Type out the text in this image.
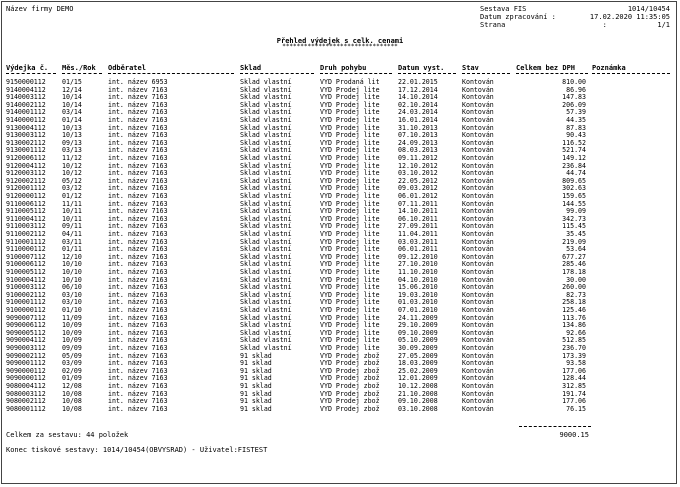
Název firmy DEMO	Sestava FIS	1014/10454
Datum zpracování :	17.02.2020 11:35:05
Strana	:            1/1
Přehled výdejek s celk. cenami
********************************
Výdejka č. Měs./Rok Odběratel	Sklad	Druh pohybu	Datum vyst.	Stav	Celkem bez DPH Poznámka
9150000112 01/15	int. název 6953	Sklad vlastní	VYD Prodaná lit	22.01.2015	Kontován	810.00
9140004112 12/14	int. název 7163	Sklad vlastní	VYD Prodej lite	17.12.2014	Kontován	86.96
9140003112 10/14	int. název 7163	Sklad vlastní	VYD Prodej lite	14.10.2014	Kontován	147.83
9140002112 10/14	int. název 7163	Sklad vlastní	VYD Prodej lite	02.10.2014	Kontován	206.09
9140001112 03/14	int. název 7163	Sklad vlastní	VYD Prodej lite	24.03.2014	Kontován	57.39
9140000112 01/14	int. název 7163	Sklad vlastní	VYD Prodej lite	16.01.2014	Kontován	44.35
9130004112 10/13	int. název 7163	Sklad vlastní	VYD Prodej lite	31.10.2013	Kontován	87.83
9130003112 10/13	int. název 7163	Sklad vlastní	VYD Prodej lite	07.10.2013	Kontován	90.43
9130002112 09/13	int. název 7163	Sklad vlastní	VYD Prodej lite	24.09.2013	Kontován	116.52
9130001112 03/13	int. název 7163	Sklad vlastní	VYD Prodej lite	08.03.2013	Kontován	521.74
9120006112 11/12	int. název 7163	Sklad vlastní	VYD Prodej lite	09.11.2012	Kontován	149.12
9120004112 10/12	int. název 7163	Sklad vlastní	VYD Prodej lite	12.10.2012	Kontován	236.84
9120003112 10/12	int. název 7163	Sklad vlastní	VYD Prodej lite	03.10.2012	Kontován	44.74
9120002112 05/12	int. název 7163	Sklad vlastní	VYD Prodej lite	22.05.2012	Kontován	809.65
9120001112 03/12	int. název 7163	Sklad vlastní	VYD Prodej lite	09.03.2012	Kontován	302.63
9120000112 01/12	int. název 7163	Sklad vlastní	VYD Prodej lite	06.01.2012	Kontován	159.65
9110006112 11/11	int. název 7163	Sklad vlastní	VYD Prodej lite	07.11.2011	Kontován	144.55
9110005112 10/11	int. název 7163	Sklad vlastní	VYD Prodej lite	14.10.2011	Kontován	99.09
9110004112 10/11	int. název 7163	Sklad vlastní	VYD Prodej lite	06.10.2011	Kontován	342.73
9110003112 09/11	int. název 7163	Sklad vlastní	VYD Prodej lite	27.09.2011	Kontován	115.45
9110002112 04/11	int. název 7163	Sklad vlastní	VYD Prodej lite	11.04.2011	Kontován	35.45
9110001112 03/11	int. název 7163	Sklad vlastní	VYD Prodej lite	03.03.2011	Kontován	219.09
9110000112 01/11	int. název 7163	Sklad vlastní	VYD Prodej lite	06.01.2011	Kontován	53.64
9100007112 12/10	int. název 7163	Sklad vlastní	VYD Prodej lite	09.12.2010	Kontován	677.27
9100006112 10/10	int. název 7163	Sklad vlastní	VYD Prodej lite	27.10.2010	Kontován	285.46
9100005112 10/10	int. název 7163	Sklad vlastní	VYD Prodej lite	11.10.2010	Kontován	178.18
9100004112 10/10	int. název 7163	Sklad vlastní	VYD Prodej lite	04.10.2010	Kontován	30.00
9100003112 06/10	int. název 7163	Sklad vlastní	VYD Prodej lite	15.06.2010	Kontován	260.00
9100002112 03/10	int. název 7163	Sklad vlastní	VYD Prodej lite	19.03.2010	Kontován	82.73
9100001112 03/10	int. název 7163	Sklad vlastní	VYD Prodej lite	01.03.2010	Kontován	258.18
9100000112 01/10	int. název 7163	Sklad vlastní	VYD Prodej lite	07.01.2010	Kontován	125.46
9090007112 11/09	int. název 7163	Sklad vlastní	VYD Prodej lite	24.11.2009	Kontován	113.76
9090006112 10/09	int. název 7163	Sklad vlastní	VYD Prodej lite	29.10.2009	Kontován	134.86
9090005112 10/09	int. název 7163	Sklad vlastní	VYD Prodej lite	09.10.2009	Kontován	92.66
9090004112 10/09	int. název 7163	Sklad vlastní	VYD Prodej lite	05.10.2009	Kontován	512.85
9090003112 09/09	int. název 7163	Sklad vlastní	VYD Prodej lite	30.09.2009	Kontován	236.70
9090002112 05/09	int. název 7163	91 sklad	VYD Prodej zbož	27.05.2009	Kontován	173.39
9090001112 03/09	int. název 7163	91 sklad	VYD Prodej zbož	18.03.2009	Kontován	93.58
9090000112 02/09	int. název 7163	91 sklad	VYD Prodej zbož	25.02.2009	Kontován	177.06
9090000112 01/09	int. název 7163	91 sklad	VYD Prodej zbož	12.01.2009	Kontován	128.44
9080004112 12/08	int. název 7163	91 sklad	VYD Prodej zbož	10.12.2008	Kontován	312.85
9080003112 10/08	int. název 7163	91 sklad	VYD Prodej zbož	21.10.2008	Kontován	191.74
9080002112 10/08	int. název 7163	91 sklad	VYD Prodej zbož	09.10.2008	Kontován	177.06
9080001112 10/08	int. název 7163	91 sklad	VYD Prodej zbož	03.10.2008	Kontován	76.15
Celkem za sestavu: 44 položek	9000.15
Konec tiskové sestavy: 1014/10454(OBVYSRAD) - Uživatel:FISTEST
